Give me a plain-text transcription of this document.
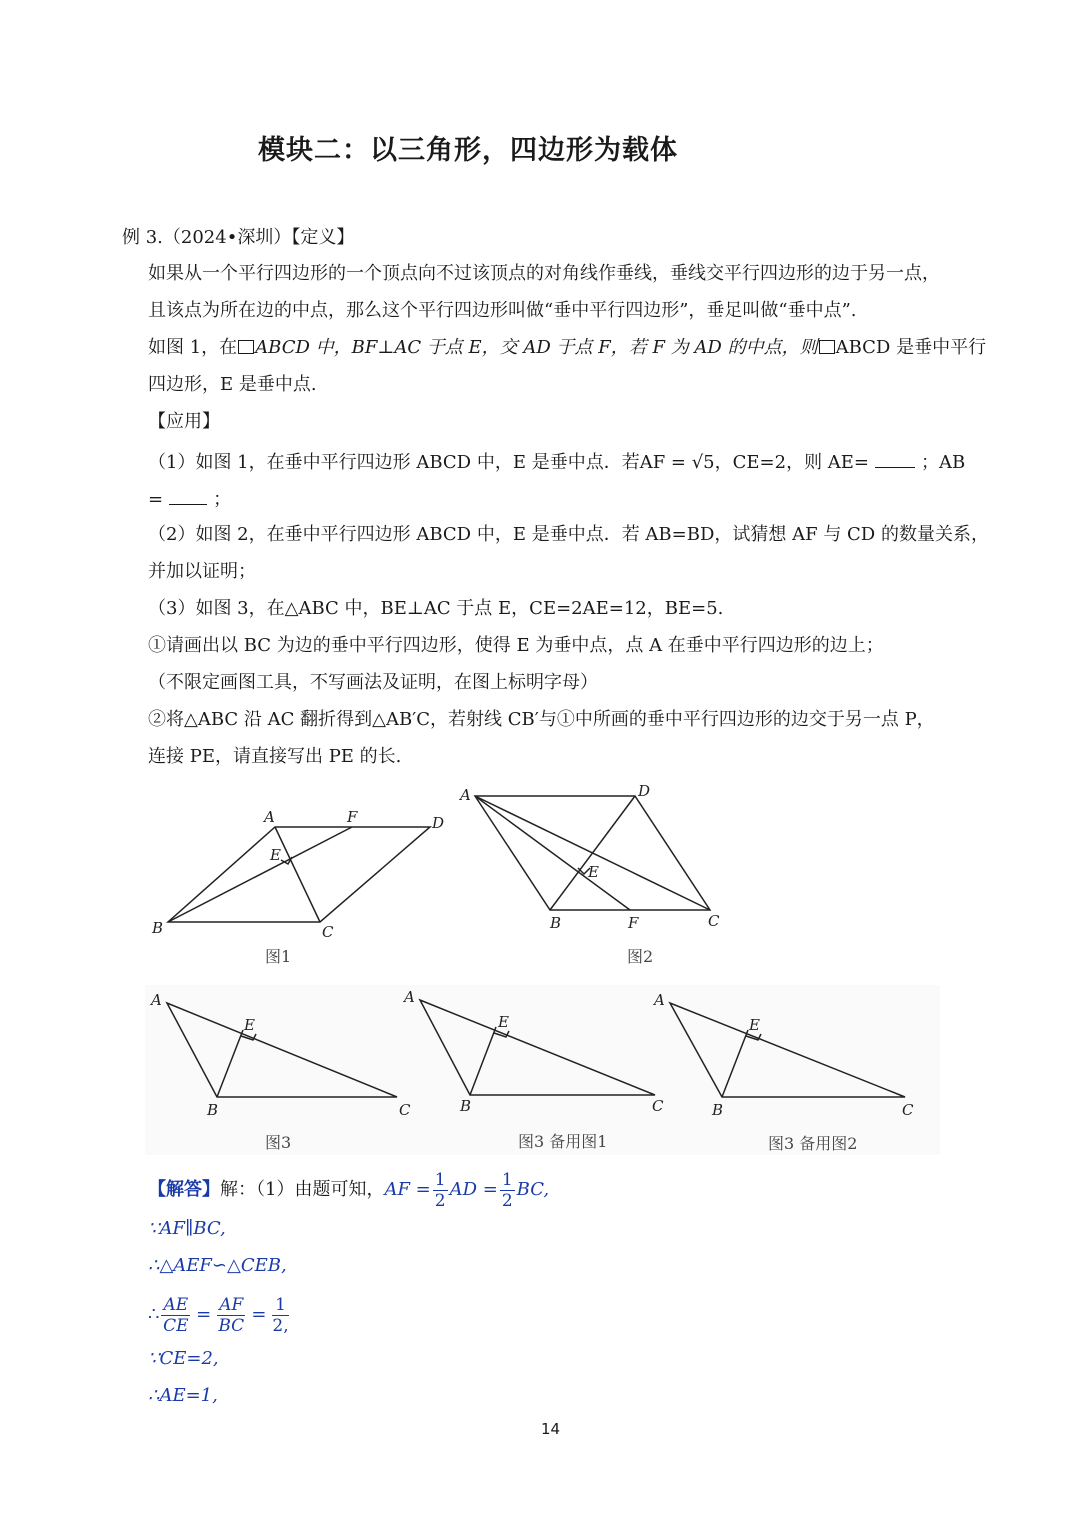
模块二：以三角形，四边形为载体
例 3.（2024•深圳）【定义】
如果从一个平行四边形的一个顶点向不过该顶点的对角线作垂线，垂线交平行四边形的边于另一点，
且该点为所在边的中点，那么这个平行四边形叫做“垂中平行四边形”，垂足叫做“垂中点”.
如图 1，在 ABCD 中，BF⊥AC 于点 E，交 AD 于点 F，若 F 为 AD 的中点，则 ABCD 是垂中平行
四边形，E 是垂中点.
【应用】
（1）如图 1，在垂中平行四边形 ABCD 中，E 是垂中点．若AF = √5，CE=2，则 AE=	；AB
=	；
（2）如图 2，在垂中平行四边形 ABCD 中，E 是垂中点．若 AB=BD，试猜想 AF 与 CD 的数量关系，
并加以证明；
（3）如图 3，在△ABC 中，BE⊥AC 于点 E，CE=2AE=12，BE=5.
①请画出以 BC 为边的垂中平行四边形，使得 E 为垂中点，点 A 在垂中平行四边形的边上；
（不限定画图工具，不写画法及证明，在图上标明字母）
②将△ABC 沿 AC 翻折得到△AB′C，若射线 CB′与①中所画的垂中平行四边形的边交于另一点 P，
连接 PE，请直接写出 PE 的长.
A	F	D
E
B	C
图1
A	D
E
B	F	C
图2
A
E
B	C
图3
A
E
B	C
图3 备用图1
A
E
B	C
图3 备用图2
【解答】 解：（1）由题可知， AF = $\frac{1}{2}$ AD = $\frac{1}{2}$ BC,
∵AF∥BC,
∴△AEF∽△CEB,
∴ $\frac{AE}{CE} = \frac{AF}{BC} = \frac{1}{2,}$
∵CE=2,
∴AE=1,
14
